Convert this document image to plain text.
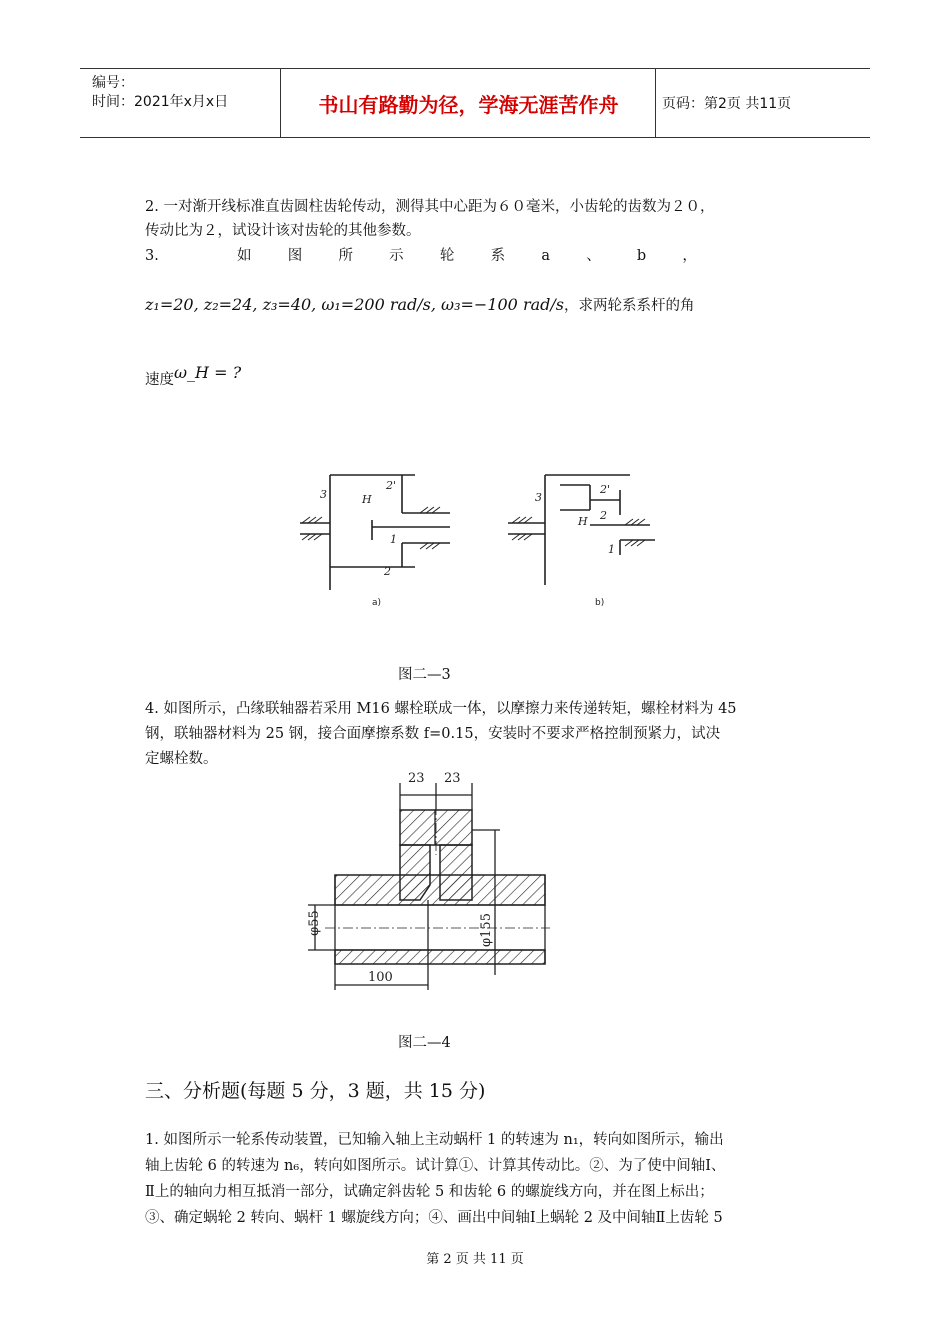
编号：
时间：2021年x月x日	书山有路勤为径，学海无涯苦作舟	页码：第2页 共11页
2. 一对渐开线标准直齿圆柱齿轮传动，测得其中心距为６０毫米，小齿轮的齿数为２０，
传动比为２，试设计该对齿轮的其他参数。
3.	如 图 所 示 轮 系 a 、 b ，
z₁=20, z₂=24, z₃=40, ω₁=200 rad/s, ω₃=−100 rad/s，求两轮系系杆的角
速度ω_H = ?
3	H
2'
1
2
3
H
2'
2
1
a)	b)
图二—3
4. 如图所示，凸缘联轴器若采用 M16 螺栓联成一体，以摩擦力来传递转矩，螺栓材料为 45
钢，联轴器材料为 25 钢，接合面摩擦系数 f=0.15，安装时不要求严格控制预紧力，试决
定螺栓数。
23 23
100
φ55	φ155
图二—4
三、分析题(每题 5 分，3 题，共 15 分)
1. 如图所示一轮系传动装置，已知输入轴上主动蜗杆 1 的转速为 n₁，转向如图所示，输出
轴上齿轮 6 的转速为 n₆，转向如图所示。试计算①、计算其传动比。②、为了使中间轴Ⅰ、
Ⅱ上的轴向力相互抵消一部分，试确定斜齿轮 5 和齿轮 6 的螺旋线方向，并在图上标出；
③、确定蜗轮 2 转向、蜗杆 1 螺旋线方向；④、画出中间轴Ⅰ上蜗轮 2 及中间轴Ⅱ上齿轮 5
第 2 页 共 11 页
